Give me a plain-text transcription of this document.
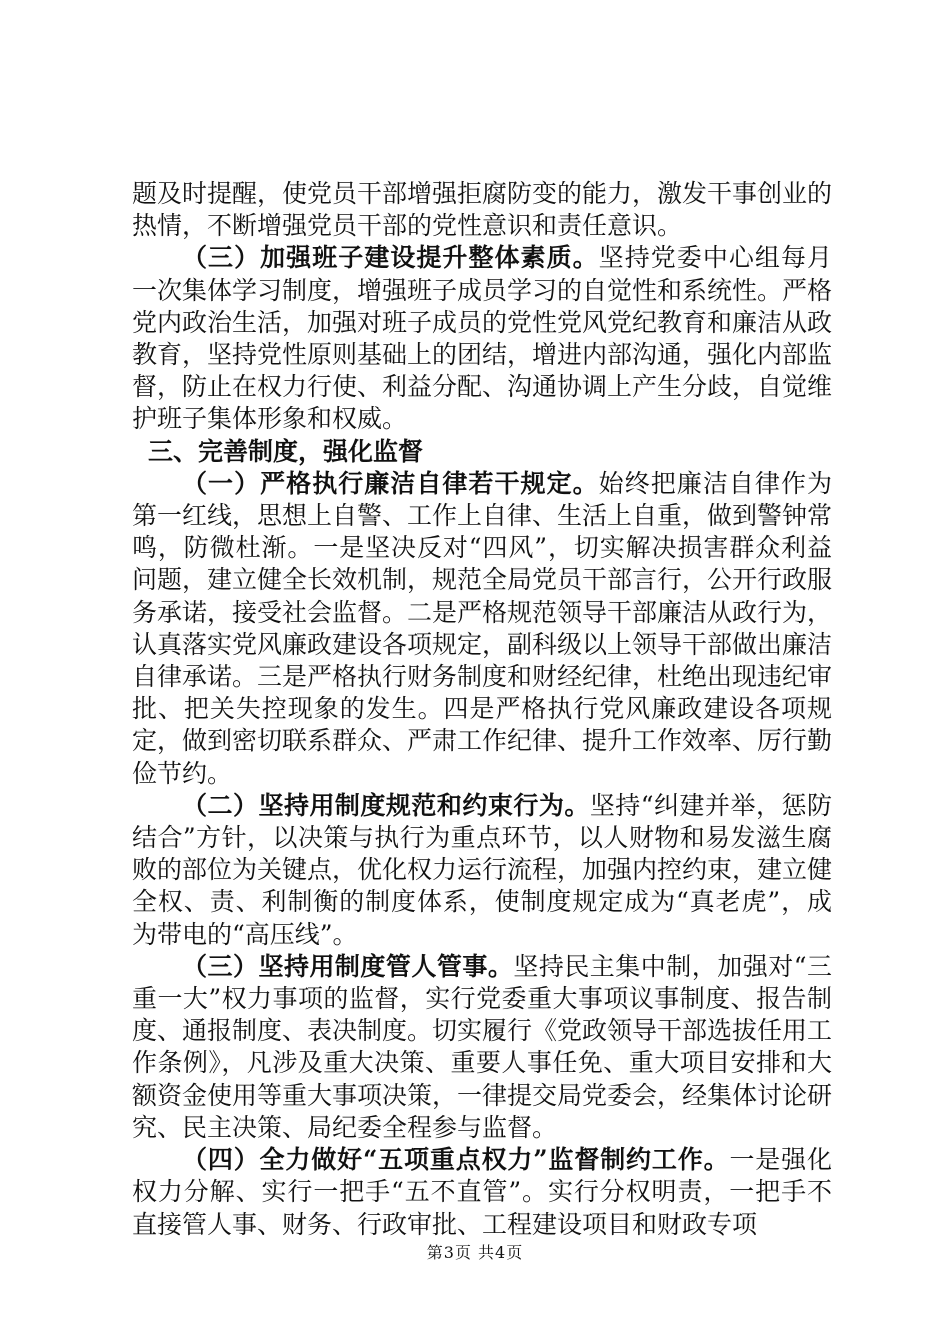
题及时提醒，使党员干部增强拒腐防变的能力，激发干事创业的热情，不断增强党员干部的党性意识和责任意识。

（三）加强班子建设提升整体素质。坚持党委中心组每月一次集体学习制度，增强班子成员学习的自觉性和系统性。严格党内政治生活，加强对班子成员的党性党风党纪教育和廉洁从政教育，坚持党性原则基础上的团结，增进内部沟通，强化内部监督，防止在权力行使、利益分配、沟通协调上产生分歧，自觉维护班子集体形象和权威。

三、完善制度，强化监督

（一）严格执行廉洁自律若干规定。始终把廉洁自律作为第一红线，思想上自警、工作上自律、生活上自重，做到警钟常鸣，防微杜渐。一是坚决反对“四风”，切实解决损害群众利益问题，建立健全长效机制，规范全局党员干部言行，公开行政服务承诺，接受社会监督。二是严格规范领导干部廉洁从政行为，认真落实党风廉政建设各项规定，副科级以上领导干部做出廉洁自律承诺。三是严格执行财务制度和财经纪律，杜绝出现违纪审批、把关失控现象的发生。四是严格执行党风廉政建设各项规定，做到密切联系群众、严肃工作纪律、提升工作效率、厉行勤俭节约。

（二）坚持用制度规范和约束行为。坚持“纠建并举，惩防结合”方针，以决策与执行为重点环节，以人财物和易发滋生腐败的部位为关键点，优化权力运行流程，加强内控约束，建立健全权、责、利制衡的制度体系，使制度规定成为“真老虎”，成为带电的“高压线”。

（三）坚持用制度管人管事。坚持民主集中制，加强对“三重一大”权力事项的监督，实行党委重大事项议事制度、报告制度、通报制度、表决制度。切实履行《党政领导干部选拔任用工作条例》，凡涉及重大决策、重要人事任免、重大项目安排和大额资金使用等重大事项决策，一律提交局党委会，经集体讨论研究、民主决策、局纪委全程参与监督。

（四）全力做好“五项重点权力”监督制约工作。一是强化权力分解、实行一把手“五不直管”。实行分权明责，一把手不直接管人事、财务、行政审批、工程建设项目和财政专项

第3页 共4页
